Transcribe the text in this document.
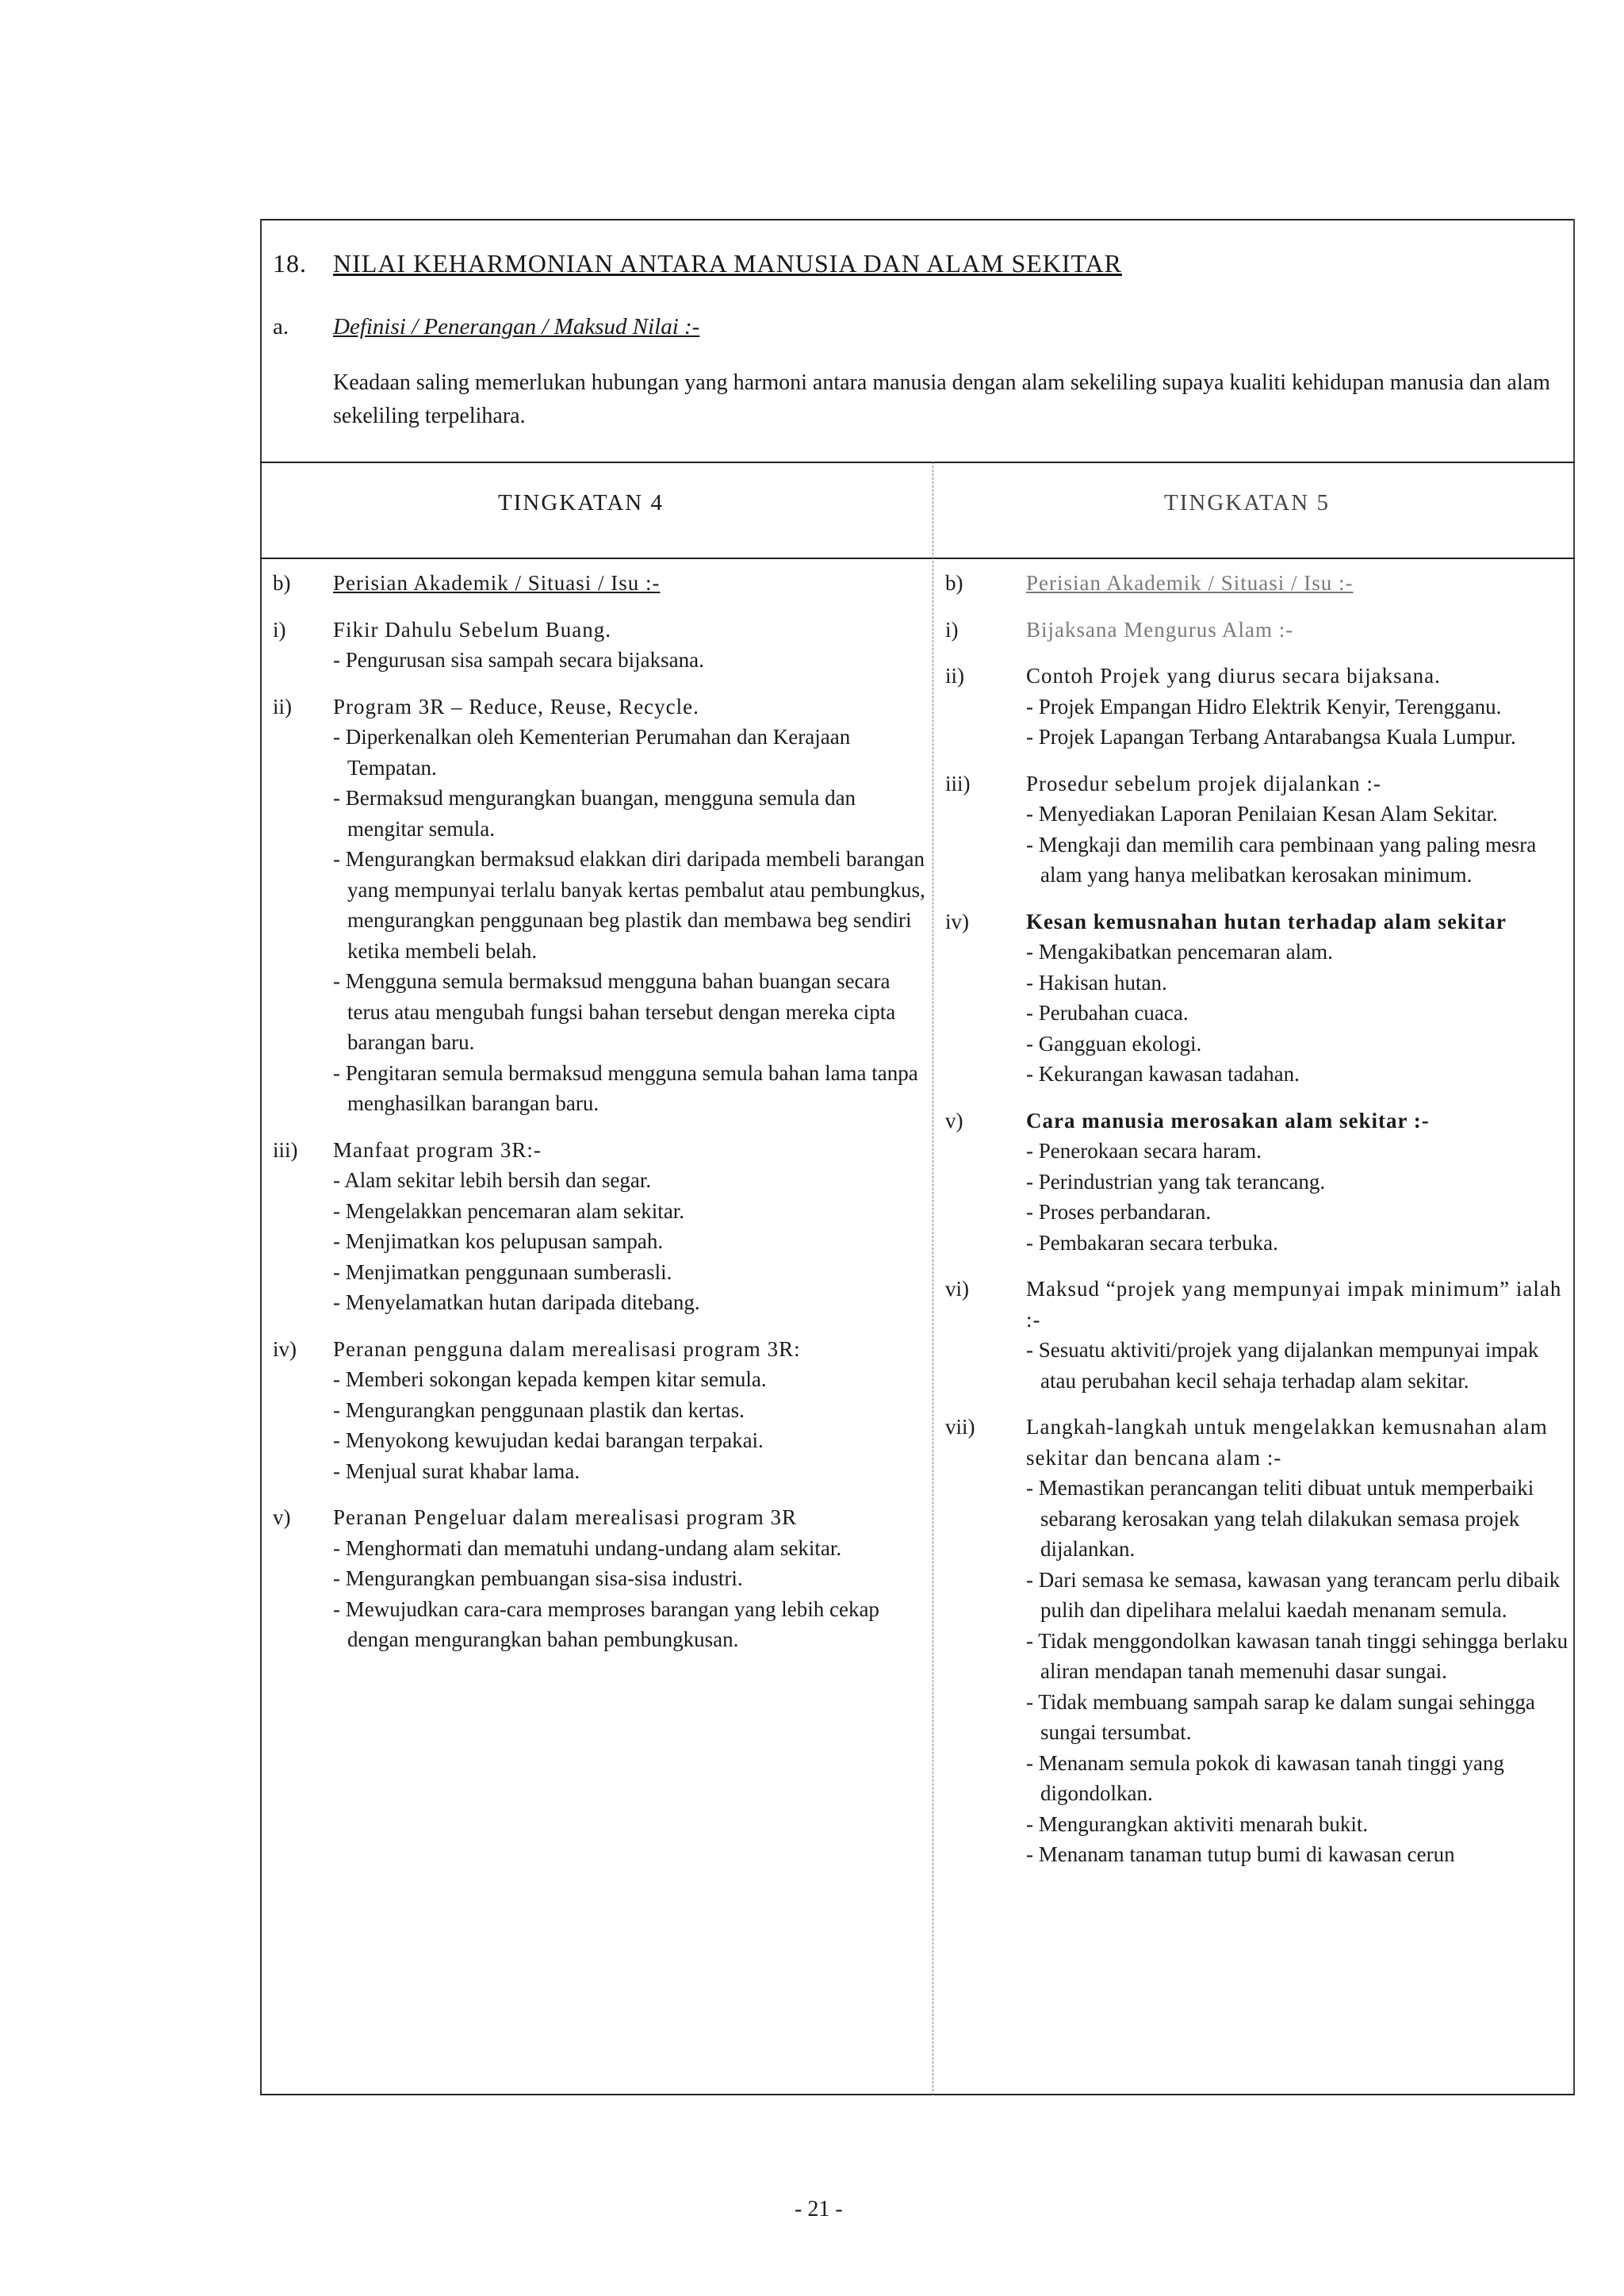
18. NILAI KEHARMONIAN ANTARA MANUSIA DAN ALAM SEKITAR
a. Definisi / Penerangan / Maksud Nilai :-
Keadaan saling memerlukan hubungan yang harmoni antara manusia dengan alam sekeliling supaya kualiti kehidupan manusia dan alam sekeliling terpelihara.
TINGKATAN 4	TINGKATAN 5
b)	Perisian Akademik / Situasi / Isu :-
i)	Fikir Dahulu Sebelum Buang.
- Pengurusan sisa sampah secara bijaksana.
ii)	Program 3R – Reduce, Reuse, Recycle.
- Diperkenalkan oleh Kementerian Perumahan dan Kerajaan Tempatan.
- Bermaksud mengurangkan buangan, mengguna semula dan mengitar semula.
- Mengurangkan bermaksud elakkan diri daripada membeli barangan yang mempunyai terlalu banyak kertas pembalut atau pembungkus, mengurangkan penggunaan beg plastik dan membawa beg sendiri ketika membeli belah.
- Mengguna semula bermaksud mengguna bahan buangan secara terus atau mengubah fungsi bahan tersebut dengan mereka cipta barangan baru.
- Pengitaran semula bermaksud mengguna semula bahan lama tanpa menghasilkan barangan baru.
iii)	Manfaat program 3R:-
- Alam sekitar lebih bersih dan segar.
- Mengelakkan pencemaran alam sekitar.
- Menjimatkan kos pelupusan sampah.
- Menjimatkan penggunaan sumberasli.
- Menyelamatkan hutan daripada ditebang.
iv)	Peranan pengguna dalam merealisasi program 3R:
- Memberi sokongan kepada kempen kitar semula.
- Mengurangkan penggunaan plastik dan kertas.
- Menyokong kewujudan kedai barangan terpakai.
- Menjual surat khabar lama.
v)	Peranan Pengeluar dalam merealisasi program 3R
- Menghormati dan mematuhi undang-undang alam sekitar.
- Mengurangkan pembuangan sisa-sisa industri.
- Mewujudkan cara-cara memproses barangan yang lebih cekap dengan mengurangkan bahan pembungkusan.
b)	Perisian Akademik / Situasi / Isu :-
i)	Bijaksana Mengurus Alam :-
ii)	Contoh Projek yang diurus secara bijaksana.
- Projek Empangan Hidro Elektrik Kenyir, Terengganu.
- Projek Lapangan Terbang Antarabangsa Kuala Lumpur.
iii)	Prosedur sebelum projek dijalankan :-
- Menyediakan Laporan Penilaian Kesan Alam Sekitar.
- Mengkaji dan memilih cara pembinaan yang paling mesra alam yang hanya melibatkan kerosakan minimum.
iv)	Kesan kemusnahan hutan terhadap alam sekitar
- Mengakibatkan pencemaran alam.
- Hakisan hutan.
- Perubahan cuaca.
- Gangguan ekologi.
- Kekurangan kawasan tadahan.
v)	Cara manusia merosakan alam sekitar :-
- Penerokaan secara haram.
- Perindustrian yang tak terancang.
- Proses perbandaran.
- Pembakaran secara terbuka.
vi)	Maksud “projek yang mempunyai impak minimum” ialah :-
- Sesuatu aktiviti/projek yang dijalankan mempunyai impak atau perubahan kecil sehaja terhadap alam sekitar.
vii)	Langkah-langkah untuk mengelakkan kemusnahan alam sekitar dan bencana alam :-
- Memastikan perancangan teliti dibuat untuk memperbaiki sebarang kerosakan yang telah dilakukan semasa projek dijalankan.
- Dari semasa ke semasa, kawasan yang terancam perlu dibaik pulih dan dipelihara melalui kaedah menanam semula.
- Tidak menggondolkan kawasan tanah tinggi sehingga berlaku aliran mendapan tanah memenuhi dasar sungai.
- Tidak membuang sampah sarap ke dalam sungai sehingga sungai tersumbat.
- Menanam semula pokok di kawasan tanah tinggi yang digondolkan.
- Mengurangkan aktiviti menarah bukit.
- Menanam tanaman tutup bumi di kawasan cerun
- 21 -
